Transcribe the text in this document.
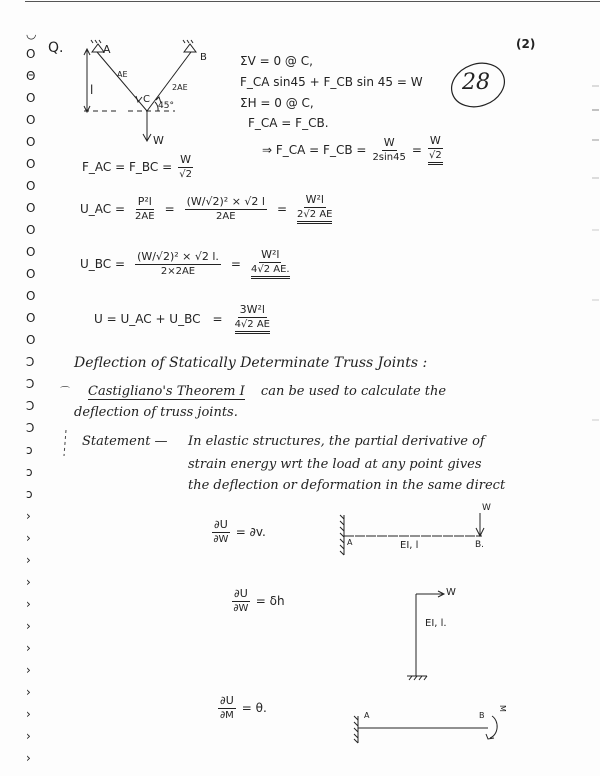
◡
O
Θ
O
O
O
O
O
O
O
O
O
O
O
O
Ɔ
Ɔ
Ɔ
Ɔ
ɔ
ɔ
ɔ
›
›
›
›
›
›
›
›
›
›
›
›
Q.	(2)
28
A
B
AE
2AE
C
45°
l
W
ΣV = 0 @ C,
F_CA sin45 + F_CB sin 45 = W
ΣH = 0 @ C,
F_CA = F_CB.
⇒ F_CA = F_CB = $\frac{W}{2\sin 45} = \frac{W}{√2}$
F_AC = F_BC = $\frac{W}{√2}$
U_AC = $\frac{\text{P²l}}{2AE} = \frac{\text{(W/√2)² × √2 l}}{2AE} = \frac{\text{W²l}}{2√2 AE}$
U_BC = $\frac{\text{(W/√2)² × √2 l.}}{2\times 2AE} = \frac{\text{W²l}}{4√2 AE.}$
U = U_AC + U_BC = $\frac{\text{3W²l}}{4√2 AE}$
Deflection of Statically Determinate Truss Joints :
Castigliano's Theorem I can be used to calculate the
deflection of truss joints.
Statement — In elastic structures, the partial derivative of
strain energy wrt the load at any point gives
the deflection or deformation in the same direct
$\frac{\partial U}{\partial W} = \partial v$.
A	B.
EI, l
W
$\frac{\partial U}{\partial W} = \delta h$
W
EI, l.
$\frac{\partial U}{\partial M} = \theta$.
A	B
M
⌒
